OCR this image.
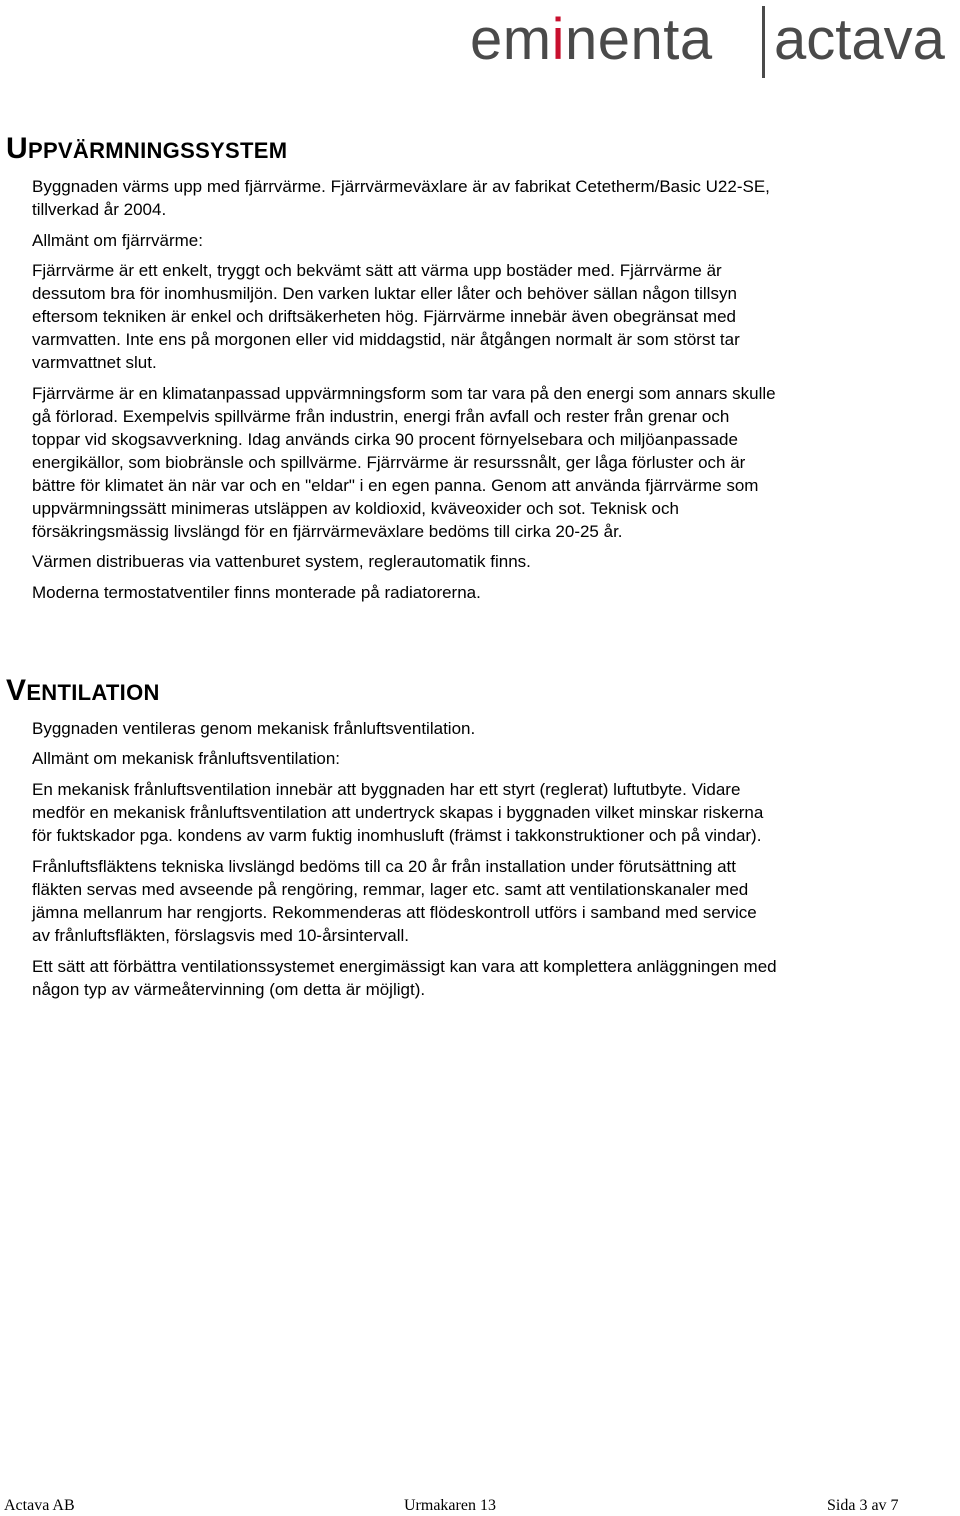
eminenta actava
UPPVÄRMNINGSSYSTEM

Byggnaden värms upp med fjärrvärme. Fjärrvärmeväxlare är av fabrikat Cetetherm/Basic U22-SE,

tillverkad år 2004.

Allmänt om fjärrvärme:

Fjärrvärme är ett enkelt, tryggt och bekvämt sätt att värma upp bostäder med. Fjärrvärme är

dessutom bra för inomhusmiljön. Den varken luktar eller låter och behöver sällan någon tillsyn

eftersom tekniken är enkel och driftsäkerheten hög. Fjärrvärme innebär även obegränsat med

varmvatten. Inte ens på morgonen eller vid middagstid, när åtgången normalt är som störst tar

varmvattnet slut.

Fjärrvärme är en klimatanpassad uppvärmningsform som tar vara på den energi som annars skulle

gå förlorad. Exempelvis spillvärme från industrin, energi från avfall och rester från grenar och

toppar vid skogsavverkning. Idag används cirka 90 procent förnyelsebara och miljöanpassade

energikällor, som biobränsle och spillvärme. Fjärrvärme är resurssnålt, ger låga förluster och är

bättre för klimatet än när var och en "eldar" i en egen panna. Genom att använda fjärrvärme som

uppvärmningssätt minimeras utsläppen av koldioxid, kväveoxider och sot. Teknisk och

försäkringsmässig livslängd för en fjärrvärmeväxlare bedöms till cirka 20-25 år.

Värmen distribueras via vattenburet system, reglerautomatik finns.

Moderna termostatventiler finns monterade på radiatorerna.

VENTILATION

Byggnaden ventileras genom mekanisk frånluftsventilation.

Allmänt om mekanisk frånluftsventilation:

En mekanisk frånluftsventilation innebär att byggnaden har ett styrt (reglerat) luftutbyte. Vidare

medför en mekanisk frånluftsventilation att undertryck skapas i byggnaden vilket minskar riskerna

för fuktskador pga. kondens av varm fuktig inomhusluft (främst i takkonstruktioner och på vindar).

Frånluftsfläktens tekniska livslängd bedöms till ca 20 år från installation under förutsättning att

fläkten servas med avseende på rengöring, remmar, lager etc. samt att ventilationskanaler med

jämna mellanrum har rengjorts. Rekommenderas att flödeskontroll utförs i samband med service

av frånluftsfläkten, förslagsvis med 10-årsintervall.

Ett sätt att förbättra ventilationssystemet energimässigt kan vara att komplettera anläggningen med

någon typ av värmeåtervinning (om detta är möjligt).

Actava AB	Urmakaren 13	Sida 3 av 7
